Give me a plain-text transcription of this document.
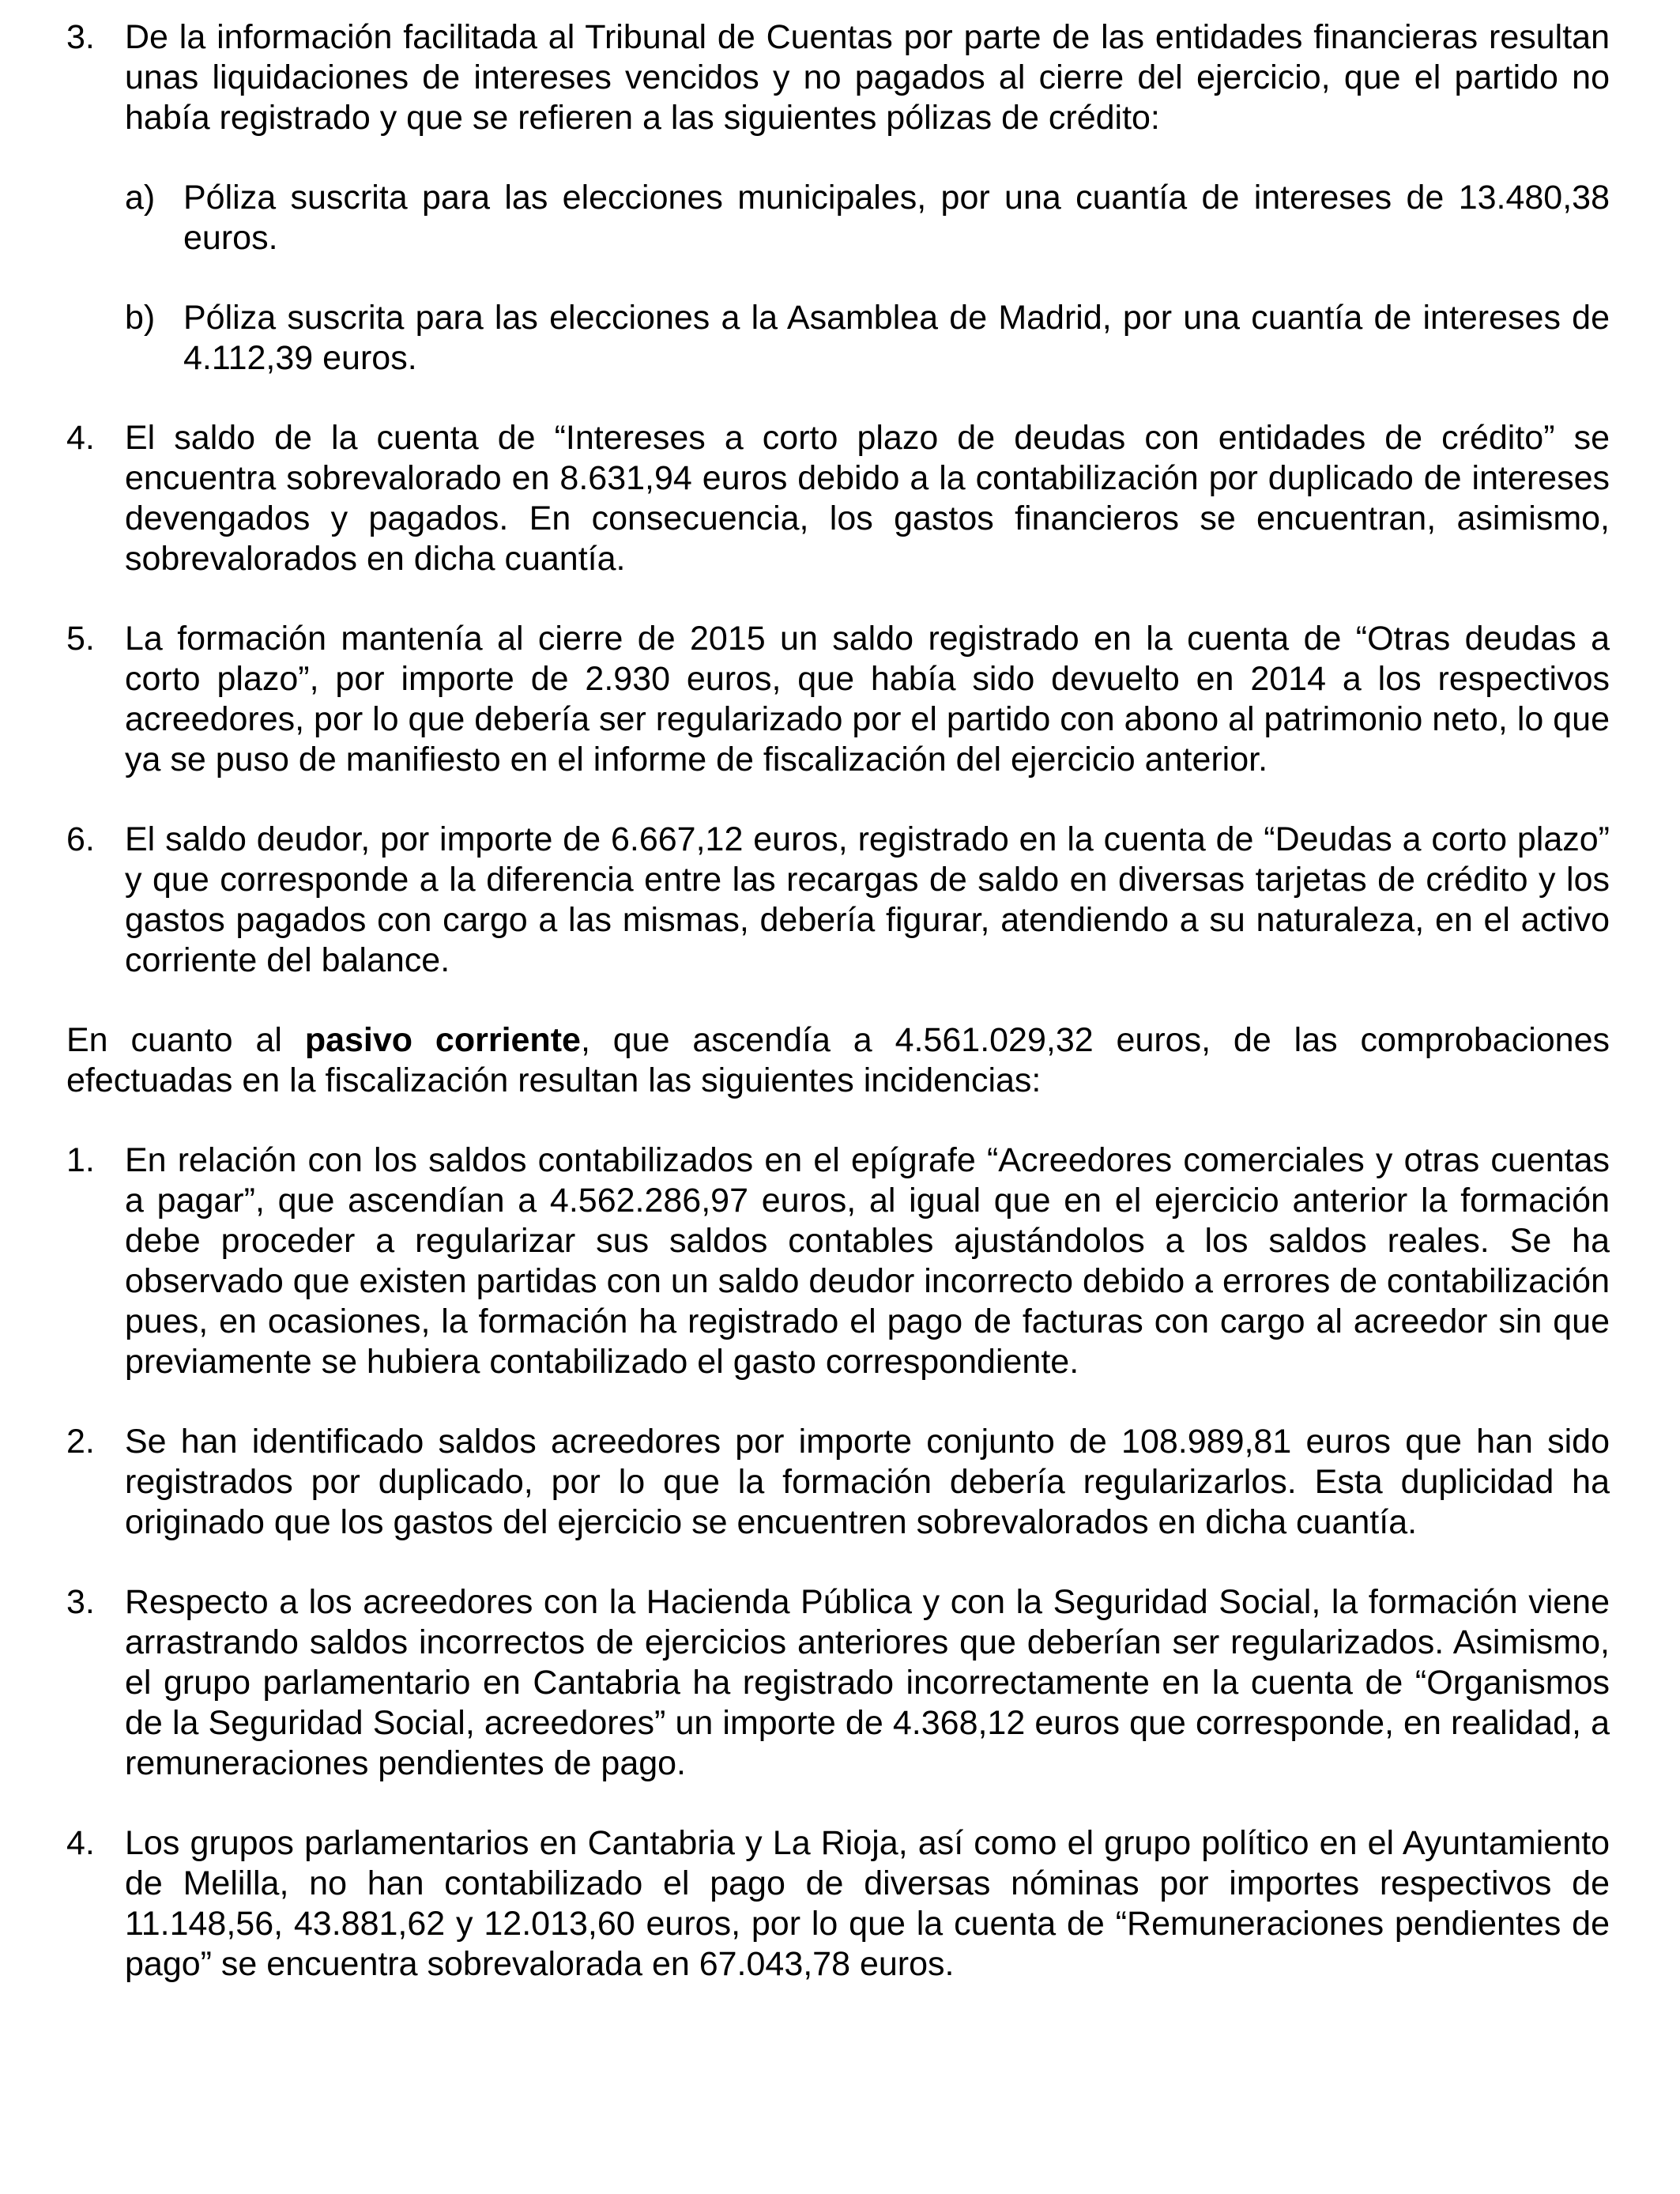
3. De la información facilitada al Tribunal de Cuentas por parte de las entidades financieras resultan unas liquidaciones de intereses vencidos y no pagados al cierre del ejercicio, que el partido no había registrado y que se refieren a las siguientes pólizas de crédito:
a) Póliza suscrita para las elecciones municipales, por una cuantía de intereses de 13.480,38 euros.
b) Póliza suscrita para las elecciones a la Asamblea de Madrid, por una cuantía de intereses de 4.112,39 euros.
4. El saldo de la cuenta de “Intereses a corto plazo de deudas con entidades de crédito” se encuentra sobrevalorado en 8.631,94 euros debido a la contabilización por duplicado de intereses devengados y pagados. En consecuencia, los gastos financieros se encuentran, asimismo, sobrevalorados en dicha cuantía.
5. La formación mantenía al cierre de 2015 un saldo registrado en la cuenta de “Otras deudas a corto plazo”, por importe de 2.930 euros, que había sido devuelto en 2014 a los respectivos acreedores, por lo que debería ser regularizado por el partido con abono al patrimonio neto, lo que ya se puso de manifiesto en el informe de fiscalización del ejercicio anterior.
6. El saldo deudor, por importe de 6.667,12 euros, registrado en la cuenta de “Deudas a corto plazo” y que corresponde a la diferencia entre las recargas de saldo en diversas tarjetas de crédito y los gastos pagados con cargo a las mismas, debería figurar, atendiendo a su naturaleza, en el activo corriente del balance.
En cuanto al pasivo corriente, que ascendía a 4.561.029,32 euros, de las comprobaciones efectuadas en la fiscalización resultan las siguientes incidencias:
1. En relación con los saldos contabilizados en el epígrafe “Acreedores comerciales y otras cuentas a pagar”, que ascendían a 4.562.286,97 euros, al igual que en el ejercicio anterior la formación debe proceder a regularizar sus saldos contables ajustándolos a los saldos reales. Se ha observado que existen partidas con un saldo deudor incorrecto debido a errores de contabilización pues, en ocasiones, la formación ha registrado el pago de facturas con cargo al acreedor sin que previamente se hubiera contabilizado el gasto correspondiente.
2. Se han identificado saldos acreedores por importe conjunto de 108.989,81 euros que han sido registrados por duplicado, por lo que la formación debería regularizarlos. Esta duplicidad ha originado que los gastos del ejercicio se encuentren sobrevalorados en dicha cuantía.
3. Respecto a los acreedores con la Hacienda Pública y con la Seguridad Social, la formación viene arrastrando saldos incorrectos de ejercicios anteriores que deberían ser regularizados. Asimismo, el grupo parlamentario en Cantabria ha registrado incorrectamente en la cuenta de “Organismos de la Seguridad Social, acreedores” un importe de 4.368,12 euros que corresponde, en realidad, a remuneraciones pendientes de pago.
4. Los grupos parlamentarios en Cantabria y La Rioja, así como el grupo político en el Ayuntamiento de Melilla, no han contabilizado el pago de diversas nóminas por importes respectivos de 11.148,56, 43.881,62 y 12.013,60 euros, por lo que la cuenta de “Remuneraciones pendientes de pago” se encuentra sobrevalorada en 67.043,78 euros.
